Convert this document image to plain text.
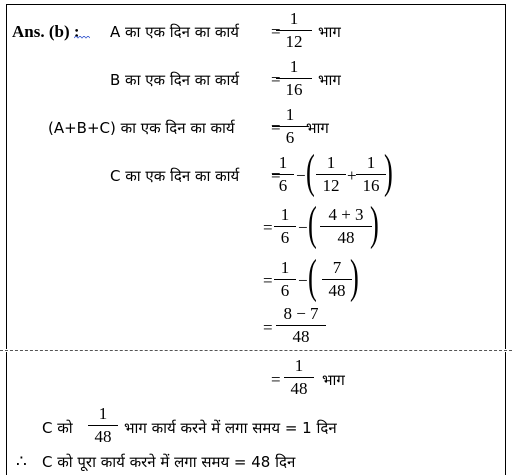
Ans. (b) : A का एक दिन का कार्य =
1
12	भाग
B का एक दिन का कार्य =
1
16	भाग
(A+B+C) का एक दिन का कार्य =
1
6 भाग
C का एक दिन का कार्य =
1
6
− ( 1
12
+
1
16 )
=
1
6
− ( 4 + 3
48 )
=
1
6
− ( 7
48 )
=
8 − 7
48
=
1
48 भाग
C को
1
48 भाग कार्य करने में लगा समय = 1 दिन
∴ C को पूरा कार्य करने में लगा समय = 48 दिन
